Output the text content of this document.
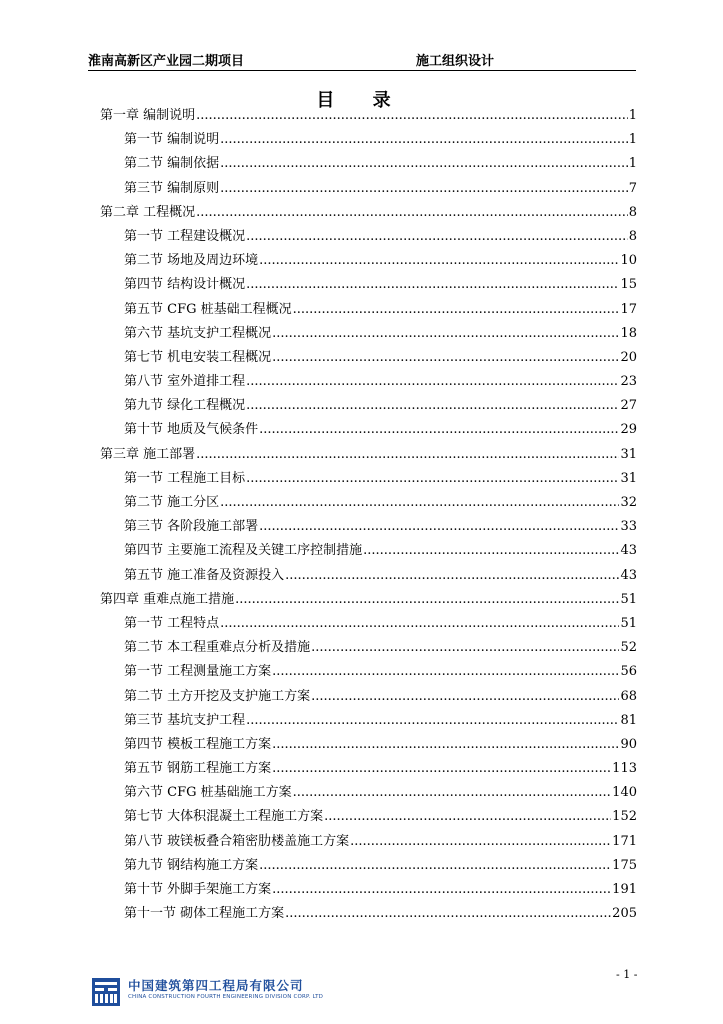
淮南高新区产业园二期项目	施工组织设计
目 录
第一章 编制说明 .....	1
第一节 编制说明 .....	1
第二节 编制依据 .....	1
第三节 编制原则 .....	7
第二章 工程概况 .....	8
第一节 工程建设概况 .....	8
第二节 场地及周边环境 .....	10
第四节 结构设计概况 .....	15
第五节 CFG 桩基础工程概况 .....	17
第六节 基坑支护工程概况 .....	18
第七节 机电安装工程概况 .....	20
第八节 室外道排工程 .....	23
第九节 绿化工程概况 .....	27
第十节 地质及气候条件 .....	29
第三章 施工部署 .....	31
第一节 工程施工目标 .....	31
第二节 施工分区 .....	32
第三节 各阶段施工部署 .....	33
第四节 主要施工流程及关键工序控制措施 .....	43
第五节 施工准备及资源投入 .....	43
第四章 重难点施工措施 .....	51
第一节 工程特点 .....	51
第二节 本工程重难点分析及措施 .....	52
第一节 工程测量施工方案 .....	56
第二节 土方开挖及支护施工方案 .....	68
第三节 基坑支护工程 .....	81
第四节 模板工程施工方案 .....	90
第五节 钢筋工程施工方案 .....	113
第六节 CFG 桩基础施工方案 .....	140
第七节 大体积混凝土工程施工方案 .....	152
第八节 玻镁板叠合箱密肋楼盖施工方案 .....	171
第九节 钢结构施工方案 .....	175
第十节 外脚手架施工方案 .....	191
第十一节 砌体工程施工方案 .....	205
中国建筑第四工程局有限公司
CHINA CONSTRUCTION FOURTH ENGINEERING DIVISION CORP. LTD
- 1 -
